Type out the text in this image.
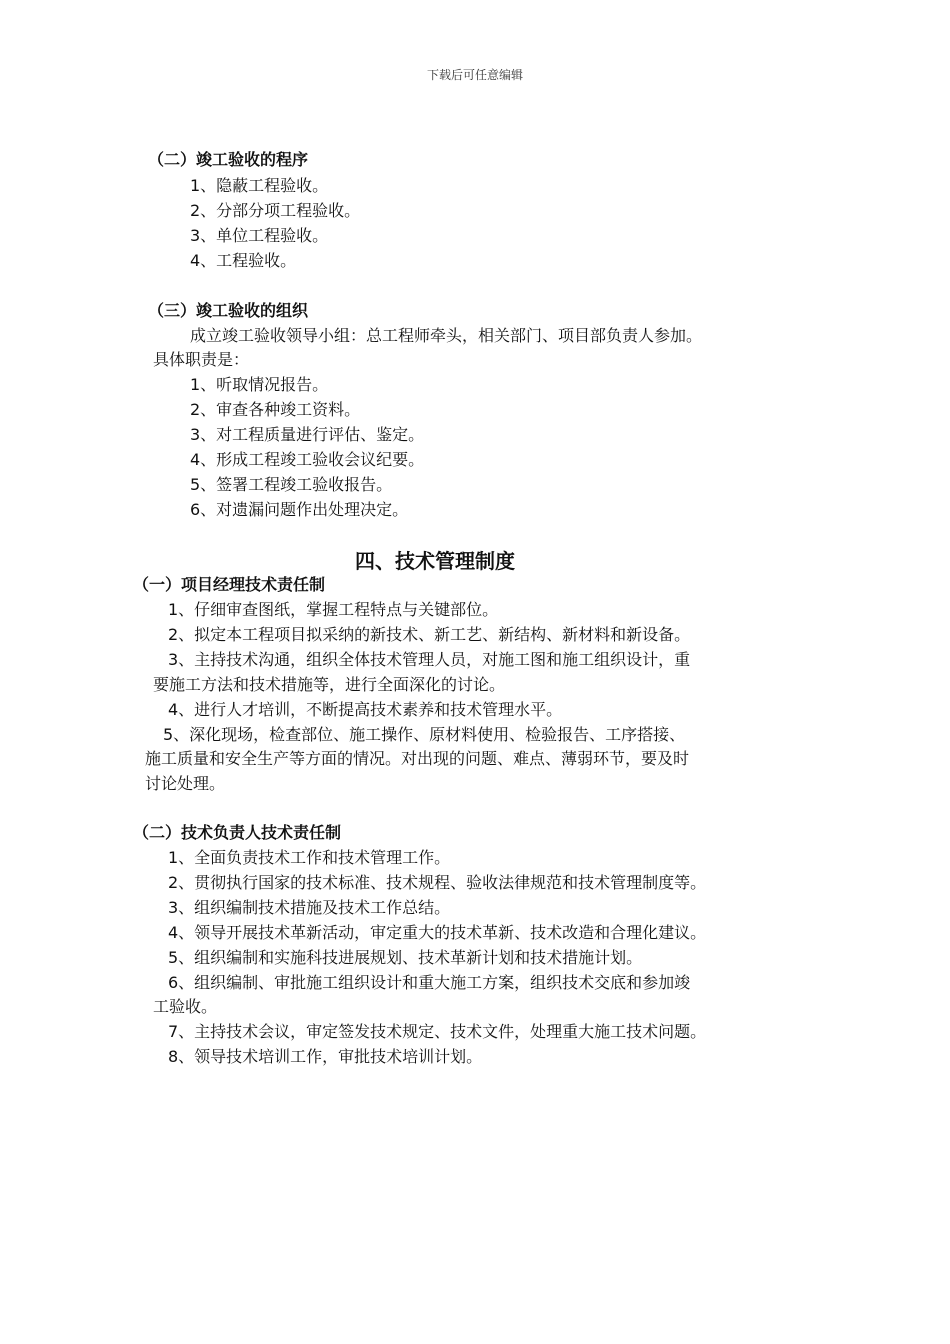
下载后可任意编辑
（二）竣工验收的程序
1、隐蔽工程验收。
2、分部分项工程验收。
3、单位工程验收。
4、工程验收。
（三）竣工验收的组织
成立竣工验收领导小组：总工程师牵头，相关部门、项目部负责人参加。
具体职责是：
1、听取情况报告。
2、审查各种竣工资料。
3、对工程质量进行评估、鉴定。
4、形成工程竣工验收会议纪要。
5、签署工程竣工验收报告。
6、对遗漏问题作出处理决定。
四、技术管理制度
（一）项目经理技术责任制
1、仔细审查图纸，掌握工程特点与关键部位。
2、拟定本工程项目拟采纳的新技术、新工艺、新结构、新材料和新设备。
3、主持技术沟通，组织全体技术管理人员，对施工图和施工组织设计，重
要施工方法和技术措施等，进行全面深化的讨论。
4、进行人才培训，不断提高技术素养和技术管理水平。
5、深化现场，检查部位、施工操作、原材料使用、检验报告、工序搭接、
施工质量和安全生产等方面的情况。对出现的问题、难点、薄弱环节，要及时
讨论处理。
（二）技术负责人技术责任制
1、全面负责技术工作和技术管理工作。
2、贯彻执行国家的技术标准、技术规程、验收法律规范和技术管理制度等。
3、组织编制技术措施及技术工作总结。
4、领导开展技术革新活动，审定重大的技术革新、技术改造和合理化建议。
5、组织编制和实施科技进展规划、技术革新计划和技术措施计划。
6、组织编制、审批施工组织设计和重大施工方案，组织技术交底和参加竣
工验收。
7、主持技术会议，审定签发技术规定、技术文件，处理重大施工技术问题。
8、领导技术培训工作，审批技术培训计划。
